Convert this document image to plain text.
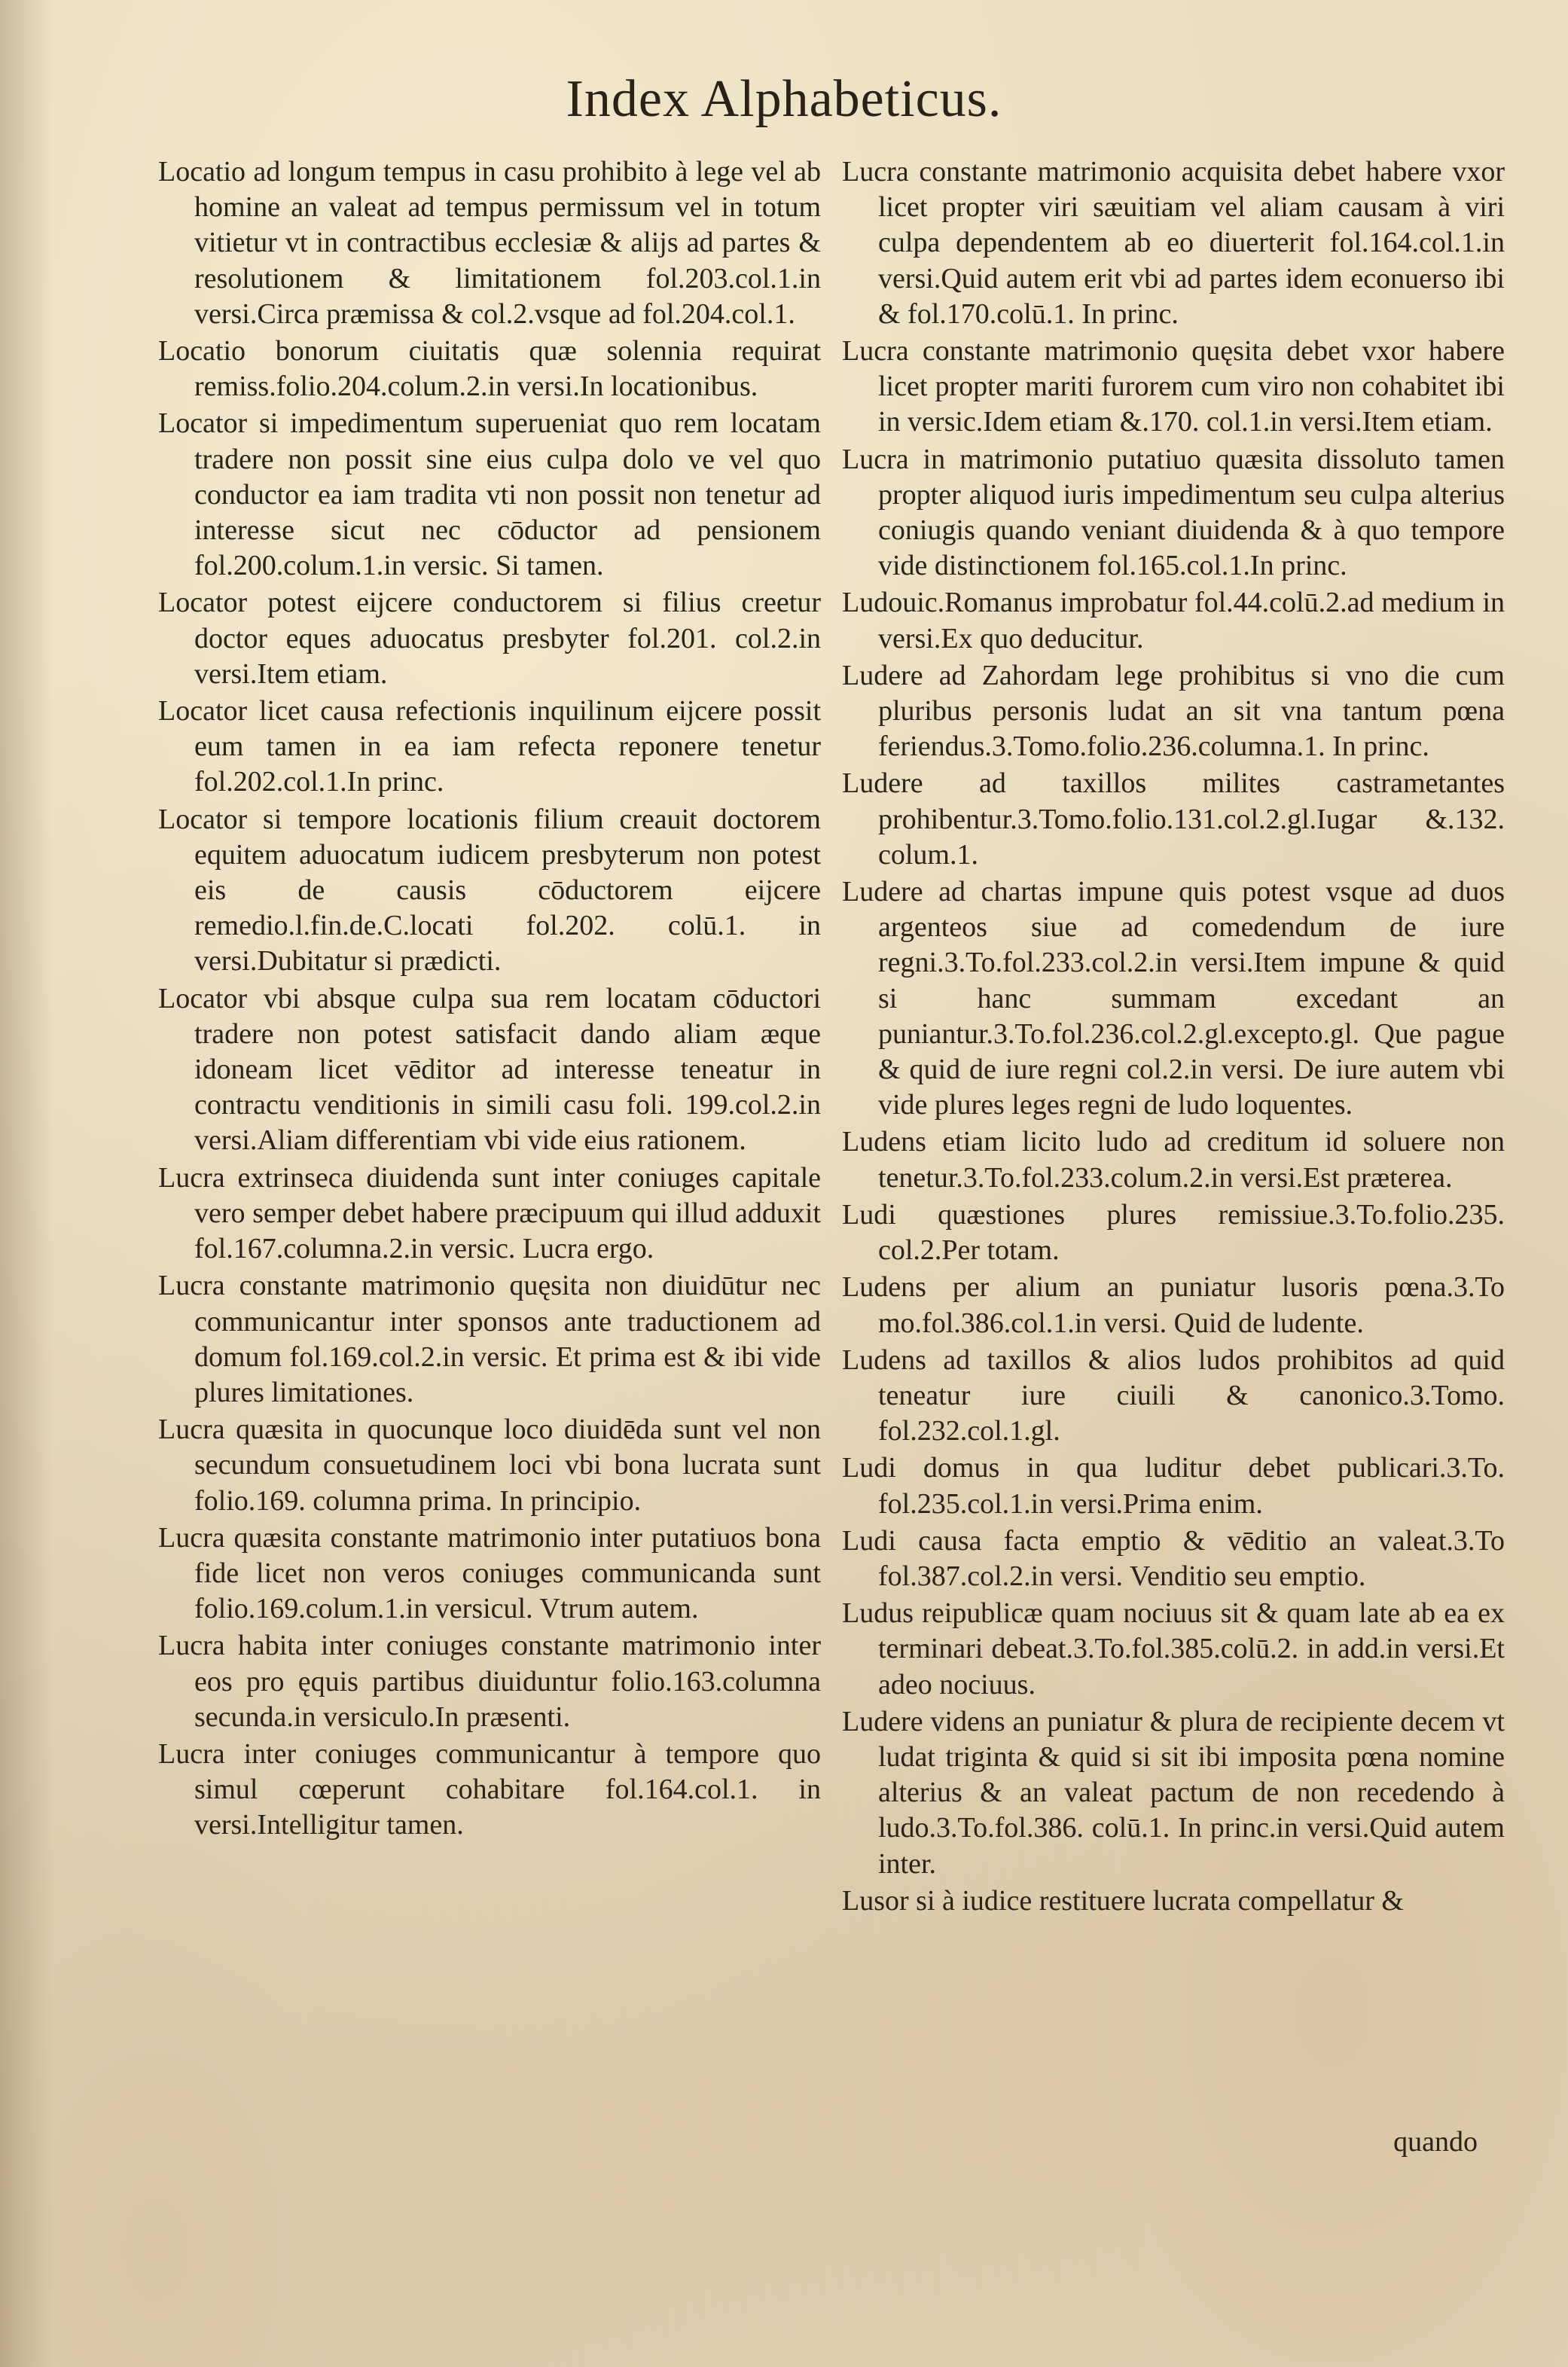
Index Alphabeticus.

Locatio ad longum tempus in casu prohibito à lege vel ab homine an valeat ad tempus permissum vel in totum vitietur vt in contractibus ecclesiæ & alijs ad partes & resolutionem & limitationem fol.203.col.1.in versi.Circa præmissa & col.2.vsque ad fol.204.col.1.

Locatio bonorum ciuitatis quæ solennia requirat remiss.folio.204.colum.2.in versi.In locationibus.

Locator si impedimentum superueniat quo rem locatam tradere non possit sine eius culpa dolo ve vel quo conductor ea iam tradita vti non possit non tenetur ad interesse sicut nec cōductor ad pensionem fol.200.colum.1.in versic. Si tamen.

Locator potest eijcere conductorem si filius creetur doctor eques aduocatus presbyter fol.201. col.2.in versi.Item etiam.

Locator licet causa refectionis inquilinum eijcere possit eum tamen in ea iam refecta reponere tenetur fol.202.col.1.In princ.

Locator si tempore locationis filium creauit doctorem equitem aduocatum iudicem presbyterum non potest eis de causis cōductorem eijcere remedio.l.fin.de.C.locati fol.202. colū.1. in versi.Dubitatur si prædicti.

Locator vbi absque culpa sua rem locatam cōductori tradere non potest satisfacit dando aliam æque idoneam licet vēditor ad interesse teneatur in contractu venditionis in simili casu foli. 199.col.2.in versi.Aliam differentiam vbi vide eius rationem.

Lucra extrinseca diuidenda sunt inter coniuges capitale vero semper debet habere præcipuum qui illud adduxit fol.167.columna.2.in versic. Lucra ergo.

Lucra constante matrimonio quęsita non diuidūtur nec communicantur inter sponsos ante traductionem ad domum fol.169.col.2.in versic. Et prima est & ibi vide plures limitationes.

Lucra quæsita in quocunque loco diuidēda sunt vel non secundum consuetudinem loci vbi bona lucrata sunt folio.169. columna prima. In principio.

Lucra quæsita constante matrimonio inter putatiuos bona fide licet non veros coniuges communicanda sunt folio.169.colum.1.in versicul. Vtrum autem.

Lucra habita inter coniuges constante matrimonio inter eos pro ęquis partibus diuiduntur folio.163.columna secunda.in versiculo.In præsenti.

Lucra inter coniuges communicantur à tempore quo simul cœperunt cohabitare fol.164.col.1. in versi.Intelligitur tamen.

Lucra constante matrimonio acquisita debet habere vxor licet propter viri sæuitiam vel aliam causam à viri culpa dependentem ab eo diuerterit fol.164.col.1.in versi.Quid autem erit vbi ad partes idem econuerso ibi & fol.170.colū.1. In princ.

Lucra constante matrimonio quęsita debet vxor habere licet propter mariti furorem cum viro non cohabitet ibi in versic.Idem etiam &.170. col.1.in versi.Item etiam.

Lucra in matrimonio putatiuo quæsita dissoluto tamen propter aliquod iuris impedimentum seu culpa alterius coniugis quando veniant diuidenda & à quo tempore vide distinctionem fol.165.col.1.In princ.

Ludouic.Romanus improbatur fol.44.colū.2.ad medium in versi.Ex quo deducitur.

Ludere ad Zahordam lege prohibitus si vno die cum pluribus personis ludat an sit vna tantum pœna feriendus.3.Tomo.folio.236.columna.1. In princ.

Ludere ad taxillos milites castrametantes prohibentur.3.Tomo.folio.131.col.2.gl.Iugar &.132. colum.1.

Ludere ad chartas impune quis potest vsque ad duos argenteos siue ad comedendum de iure regni.3.To.fol.233.col.2.in versi.Item impune & quid si hanc summam excedant an puniantur.3.To.fol.236.col.2.gl.excepto.gl. Que pague & quid de iure regni col.2.in versi. De iure autem vbi vide plures leges regni de ludo loquentes.

Ludens etiam licito ludo ad creditum id soluere non tenetur.3.To.fol.233.colum.2.in versi.Est præterea.

Ludi quæstiones plures remissiue.3.To.folio.235. col.2.Per totam.

Ludens per alium an puniatur lusoris pœna.3.To mo.fol.386.col.1.in versi. Quid de ludente.

Ludens ad taxillos & alios ludos prohibitos ad quid teneatur iure ciuili & canonico.3.Tomo. fol.232.col.1.gl.

Ludi domus in qua luditur debet publicari.3.To. fol.235.col.1.in versi.Prima enim.

Ludi causa facta emptio & vēditio an valeat.3.To fol.387.col.2.in versi. Venditio seu emptio.

Ludus reipublicæ quam nociuus sit & quam late ab ea ex terminari debeat.3.To.fol.385.colū.2. in add.in versi.Et adeo nociuus.

Ludere videns an puniatur & plura de recipiente decem vt ludat triginta & quid si sit ibi imposita pœna nomine alterius & an valeat pactum de non recedendo à ludo.3.To.fol.386. colū.1. In princ.in versi.Quid autem inter.

Lusor si à iudice restituere lucrata compellatur &

quando
